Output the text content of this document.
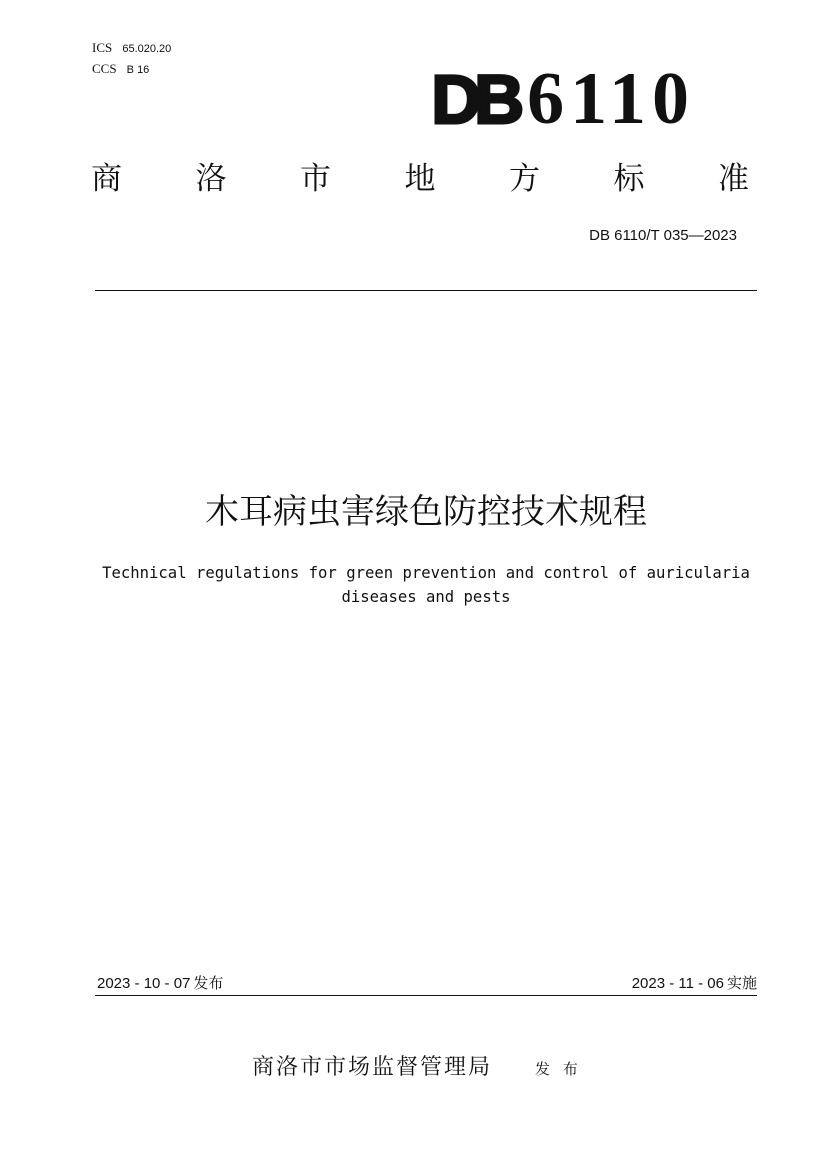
ICS 65.020.20
CCS B 16	DB 6110
商 洛 市 地 方 标 准
DB 6110/T 035—2023
木耳病虫害绿色防控技术规程
Technical regulations for green prevention and control of auricularia
diseases and pests
2023 - 10 - 07 发布	2023 - 11 - 06 实施
商洛市市场监督管理局	发 布
